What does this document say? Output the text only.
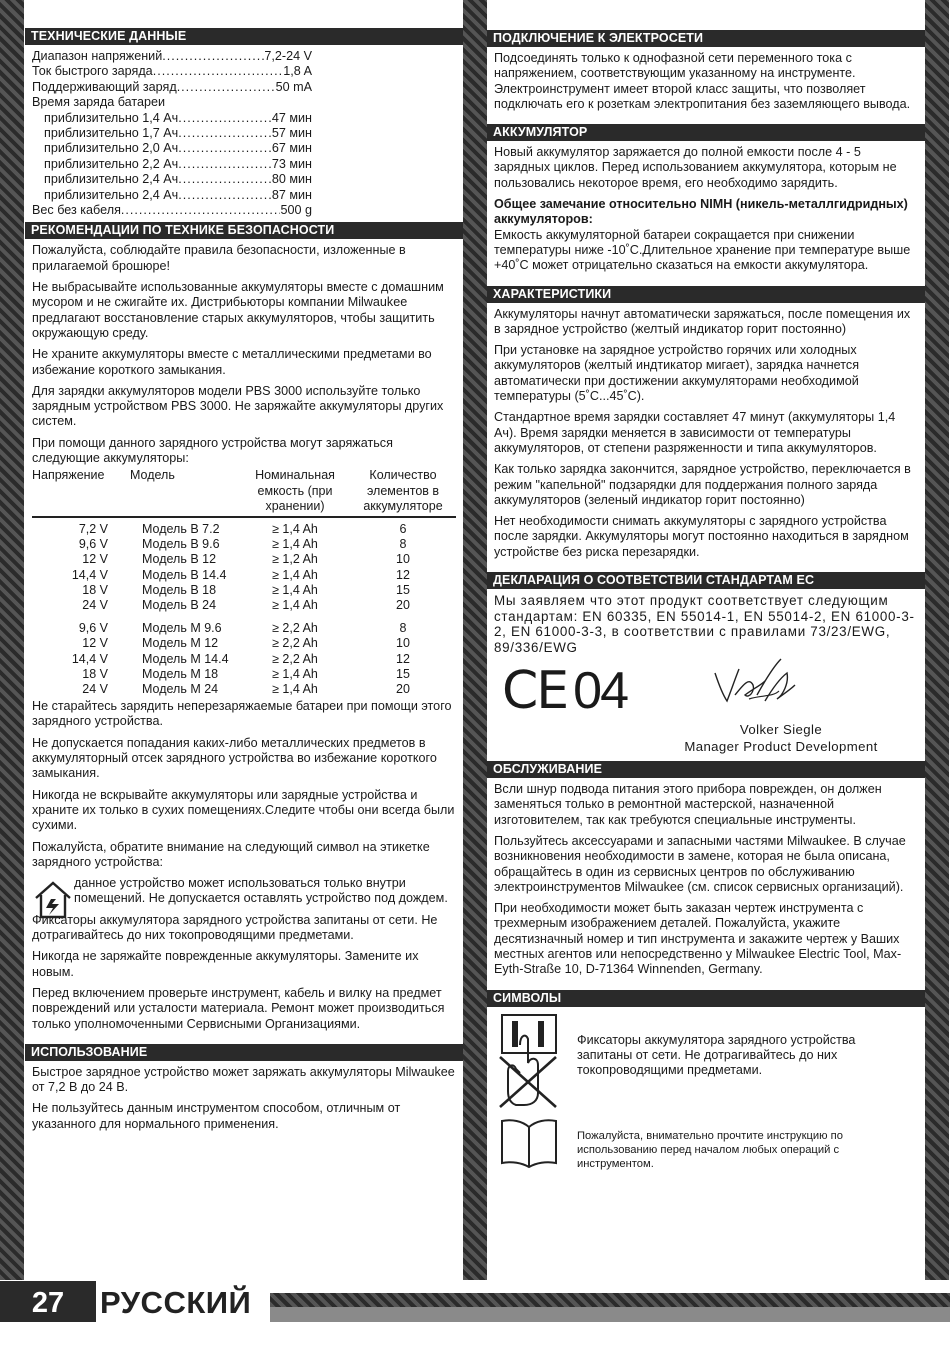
ТЕХНИЧЕСКИЕ ДАННЫЕ
Диапазон напряжений .....	7,2-24 V
Ток быстрого заряда .....	1,8 A
Поддерживающий заряд .....	50 mA
Время заряда батареи
приблизительно 1,4 Ач .....	47 мин
приблизительно 1,7 Ач .....	57 мин
приблизительно 2,0 Ач .....	67 мин
приблизительно 2,2 Ач .....	73 мин
приблизительно 2,4 Ач .....	80 мин
приблизительно 2,4 Ач .....	87 мин
Вес без кабеля .....	500 g
РЕКОМЕНДАЦИИ ПО ТЕХНИКЕ БЕЗОПАСНОСТИ

Пожалуйста, соблюдайте правила безопасности, изложенные в прилагаемой брошюре!

Не выбрасывайте использованные аккумуляторы вместе с домашним мусором и не сжигайте их. Дистрибьюторы компании Milwaukee предлагают восстановление старых аккумуляторов, чтобы защитить окружающую среду.

Не храните аккумуляторы вместе с металлическими предметами во избежание короткого замыкания.

Для зарядки аккумуляторов модели PBS 3000 используйте только зарядным устройством PBS 3000. Не заряжайте аккумуляторы других систем.

При помощи данного зарядного устройства могут заряжаться следующие аккумуляторы:

Напряжение	Модель	Номинальная емкость (при хранении)	Количество элементов в аккумуляторе

7,2 V	Модель B 7.2	≥ 1,4 Ah	6
9,6 V	Модель B 9.6	≥ 1,4 Ah	8
12 V	Модель B 12	≥ 1,2 Ah	10
14,4 V	Модель B 14.4	≥ 1,4 Ah	12
18 V	Модель B 18	≥ 1,4 Ah	15
24 V	Модель B 24	≥ 1,4 Ah	20

9,6 V	Модель M 9.6	≥ 2,2 Ah	8
12 V	Модель M 12	≥ 2,2 Ah	10
14,4 V	Модель M 14.4	≥ 2,2 Ah	12
18 V	Модель M 18	≥ 1,4 Ah	15
24 V	Модель M 24	≥ 1,4 Ah	20

Не старайтесь зарядить неперезаряжаемые батареи при помощи этого зарядного устройства.

Не допускается попадания каких-либо металлических предметов в аккумуляторный отсек зарядного устройства во избежание короткого замыкания.

Никогда не вскрывайте аккумуляторы или зарядные устройства и храните их только в сухих помещениях.Следите чтобы они всегда были сухими.

Пожалуйста, обратите внимание на следующий символ на этикетке зарядного устройства:

данное устройство может использоваться только внутри помещений. Не допускается оставлять устройство под дождем.

Фиксаторы аккумулятора зарядного устройства запитаны от сети. Не дотрагивайтесь до них токопроводящими предметами.

Никогда не заряжайте поврежденные аккумуляторы. Замените их новым.

Перед включением проверьте инструмент, кабель и вилку на предмет повреждений или усталости материала. Ремонт может производиться только уполномоченными Сервисными Организациями.

ИСПОЛЬЗОВАНИЕ

Быстрое зарядное устройство может заряжать аккумуляторы Milwaukee от 7,2 В до 24 В.

Не пользуйтесь данным инструментом способом, отличным от указанного для нормального применения.

ПОДКЛЮЧЕНИЕ К ЭЛЕКТРОСЕТИ

Подсоединять только к однофазной сети переменного тока с напряжением, соответствующим указанному на инструменте. Электроинструмент имеет второй класс защиты, что позволяет подключать его к розеткам электропитания без заземляющего вывода.

АККУМУЛЯТОР

Новый аккумулятор заряжается до полной емкости после 4 - 5 зарядных циклов. Перед использованием аккумулятора, которым не пользовались некоторое время, его необходимо зарядить.

Общее замечание относительно NIMH (никель-металлгидридных) аккумуляторов:

Емкость аккумуляторной батареи сокращается при снижении температуры ниже -10˚С.Длительное хранение при температуре выше +40˚С может отрицательно сказаться на емкости аккумулятора.

ХАРАКТЕРИСТИКИ

Аккумуляторы начнут автоматически заряжаться, после помещения их в зарядное устройство (желтый индикатор горит постоянно)

При установке на зарядное устройство горячих или холодных аккумуляторов (желтый индтикатор мигает), зарядка начнется автоматически при достижении аккумуляторами необходимой температуры (5˚С...45˚С).

Стандартное время зарядки составляет 47 минут (аккумуляторы 1,4 Ач). Время зарядки меняется в зависимости от температуры аккумуляторов, от степени разряженности и типа аккумуляторов.

Как только зарядка закончится, зарядное устройство, переключается в режим "капельной" подзарядки для поддержания полного заряда аккумуляторов (зеленый индикатор горит постоянно)

Нет необходимости снимать аккумуляторы с зарядного устройства после зарядки. Аккумуляторы могут постоянно находиться в зарядном устройстве без риска перезарядки.

ДЕКЛАРАЦИЯ О СООТВЕТСТВИИ СТАНДАРТАМ ЕС
Мы заявляем что этот продукт соответствует следующим стандартам: EN 60335, EN 55014-1, EN 55014-2, EN 61000-3-2, EN 61000-3-3, в соответствии с правилами 73/23/EWG, 89/336/EWG
CE 04
Volker Siegle
Manager Product Development
ОБСЛУЖИВАНИЕ

Всли шнур подвода питания этого прибора поврежден, он должен заменяться только в ремонтной мастерской, назначенной изготовителем, так как требуются специальные инструменты.

Пользуйтесь аксессуарами и запасными частями Milwaukee. В случае возникновения необходимости в замене, которая не была описана, обращайтесь в один из сервисных центров по обслуживанию электроинструментов Milwaukee (см. список сервисных организаций).

При необходимости может быть заказан чертеж инструмента с трехмерным изображением деталей. Пожалуйста, укажите десятизначный номер и тип инструмента и закажите чертеж у Ваших местных агентов или непосредственно у Milwaukee Electric Tool, Max-Eyth-Straße 10, D-71364 Winnenden, Germany.

СИМВОЛЫ

Фиксаторы аккумулятора зарядного устройства запитаны от сети. Не дотрагивайтесь до них токопроводящими предметами.

Пожалуйста, внимательно прочтите инструкцию по использованию перед началом любых операций с инструментом.

27	РУССКИЙ
